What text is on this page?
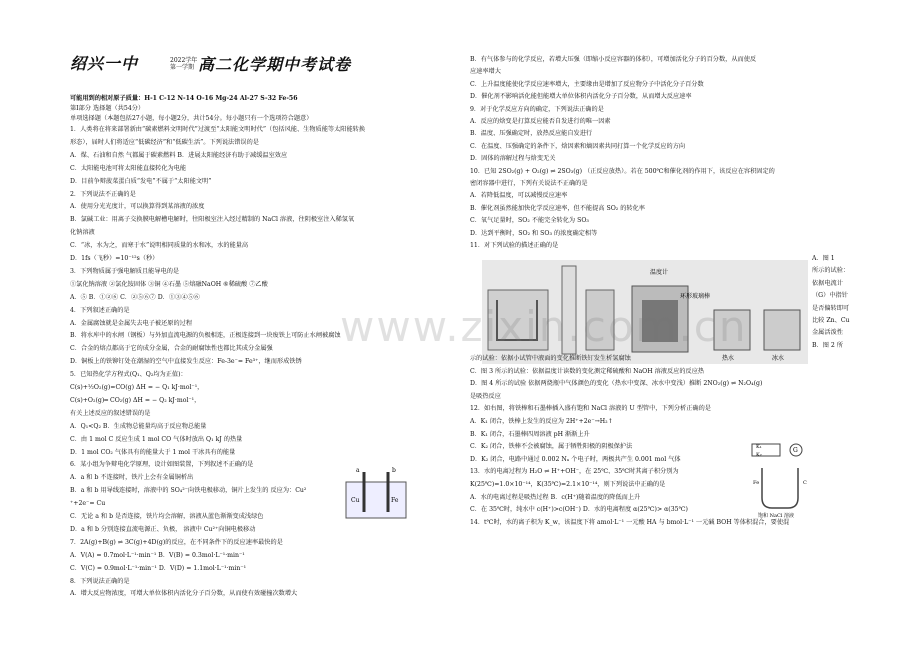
绍兴一中	2022学年
第一学期 高二化学期中考试卷
可能用到的相对原子质量：H-1 C-12 N-14 O-16 Mg-24 Al-27 S-32 Fe-56
第Ⅰ部分 选择题（共54分）
单项选择题（本题包括27小题，每小题2分，共计54分。每小题只有一个选项符合题意）
1．人类将在将来部署新由“碳素燃料文明时代”过渡至“太阳能文明时代”（包括风能、生物质能等太阳能转换
形态），届时人们将适应“低碳经济”和“低碳生活”。下列说法错误的是
A．煤、石油和自然 气都属于碳素燃料 B．进展太阳能经济有助于减缓温室效应
C．太阳能电池可将太阳能直接转化为电能
D．目前争辩菠菜蛋白质“发电”不属于“太阳能文明”
2．下列说法不正确的是
A．使用分光光度计，可以换算得到某溶液的浓度
B．氯碱工业：用离子交换膜电解槽电解时，往阳极室注入经过精制的 NaCl 溶液，往阴极室注入稀氢氧
化钠溶液
C．“冰，水为之，而寒于水”说明相同质量的水和冰，水的能量高
D．1fs（飞秒）=10⁻¹²s（秒）
3．下列物质属于强电解质且能导电的是
①氯化钠溶液 ②氯化铵固体 ③铜 ④石墨 ⑤熔融NaOH ⑥稀硫酸 ⑦乙酸
A．⑤ B．①②⑥ C．②⑤⑥⑦ D．①③④⑤⑥
4．下列叙述正确的是
A．金属腐蚀就是金属失去电子被还原的过程
B．将水库中的水闸（钢板）与外加直流电源的负极相连，正极连接到一块废铁上可防止水闸被腐蚀
C．合金的熔点都高于它的成分金属，合金的耐腐蚀性也都比其成分金属强
D．铜板上的铁铆钉处在潮湿的空气中直接发生反应：Fe-3e⁻= Fe³⁺，继而形成铁锈
5．已知热化学方程式(Q₁、Q₂均为正值)：
C(s)+½O₂(g)=CO(g) ΔH = − Q₁ kJ·mol⁻¹，
C(s)+O₂(g)═ CO₂(g) ΔH = − Q₂ kJ·mol⁻¹，
有关上述反应的叙述错误的是
A．Q₁<Q₂ B．生成物总能量均高于反应物总能量
C．由 1 mol C 反应生成 1 mol CO 气体时放出 Q₁ kJ 的热量
D．1 mol CO₂ 气体具有的能量大于 1 mol 干冰具有的能量
6．某小组为争辩电化学原理，设计如图装置，下列叙述不正确的是
A．a 和 b 不连接时，铁片上会有金属铜析出
B．a 和 b 用导线连接时，溶液中的 SO₄²⁻向铁电极移动，铜片上发生的 反应为：Cu²
⁺+2e⁻= Cu
C．无论 a 和 b 是否连接，铁片均会溶解，溶液从蓝色渐渐变成浅绿色
D．a 和 b 分别连接直流电源正、负极， 溶液中 Cu²⁺向铜电极移动
7．2A(g)+B(g) ⇌ 3C(g)+4D(g)的反应，在不同条件下的反应速率最快的是
A．V(A) = 0.7mol·L⁻¹·min⁻¹ B．V(B) = 0.3mol·L⁻¹·min⁻¹
C．V(C) = 0.9mol·L⁻¹·min⁻¹ D．V(D) = 1.1mol·L⁻¹·min⁻¹
8．下列说法正确的是
A．增大反应物浓度，可增大单位体积内活化分子百分数，从而使有效碰撞次数增大
a	b
Cu	Fe
B．有气体参与的化学反应，若增大压强（即缩小反应容器的体积），可增加活化分子的百分数，从而使反
应速率增大
C．上升温度能使化学反应速率增大，主要缘由是增加了反应物分子中活化分子百分数
D．催化剂不影响活化能但能增大单位体积内活化分子百分数，从而增大反应速率
9．对于化学反应方向的确定，下列说法正确的是
A．反应的焓变是打算反应能否自发进行的唯一因素
B．温度、压强确定时，放热反应能自发进行
C．在温度、压强确定的条件下，焓因素和熵因素共同打算一个化学反应的方向
D．固体的溶解过程与焓变无关
10．已知 2SO₂(g) + O₂(g) ⇌ 2SO₃(g) （正反应放热）。若在 500℃和催化剂的作用下，该反应在容积固定的
密闭容器中进行，下列有关说法不正确的是
A．若降低温度，可以减慢反应速率
B．催化剂虽然能加快化学反应速率，但不能提高 SO₂ 的转化率
C．氧气足量时，SO₂ 不能完全转化为 SO₃
D．达到平衡时，SO₂ 和 SO₃ 的浓度确定相等
11．对下列试验的描述正确的是
温度计
环形玻璃棒
热水	冰水
A．图 1
所示的试验：
依据电流计
（G）中指针
是否偏转即可
比较 Zn、Cu
金属活泼性
B．图 2 所
示的试验：依据小试管中液面的变化推断铁钉发生析氢腐蚀
C．图 3 所示的试验：依据温度计读数的变化测定稀硫酸和 NaOH 溶液反应的反应热
D．图 4 所示的试验 依据两烧瓶中气体颜色的变化（热水中变深、冰水中变浅）推断 2NO₂(g) ⇌ N₂O₄(g)
是吸热反应
12．如右图，将铁棒和石墨棒插入盛有饱和 NaCl 溶液的 U 型管中，下列分析正确的是
A．K₁ 闭合，铁棒上发生的反应为 2H⁺+2e⁻→H₂↑
B．K₁ 闭合，石墨棒四周溶液 pH 渐渐上升
C．K₂ 闭合，铁棒不会被腐蚀，属于牺牲阳极的阴极保护法
D．K₂ 闭合，电路中通过 0.002 Nₐ 个电子时，两极共产生 0.001 mol 气体
13．水的电离过程为 H₂O ⇌ H⁺+OH⁻，在 25℃、35℃时其离子积分别为
K(25℃)=1.0×10⁻¹⁴，K(35℃)=2.1×10⁻¹⁴，则下列说法中正确的是
A．水的电离过程是吸热过程 B．c(H⁺)随着温度的降低而上升
C．在 35℃时，纯水中 c(H⁺)>c(OH⁻) D．水的电离程度 α(25℃)> α(35℃)
14．t℃时，水的离子积为 K_w，该温度下将 amol·L⁻¹ 一元酸 HA 与 bmol·L⁻¹ 一元碱 BOH 等体积混合，要使混
K₁
K₂
G
Fe	C
饱和 NaCl 溶液
www.zixin.com.cn
